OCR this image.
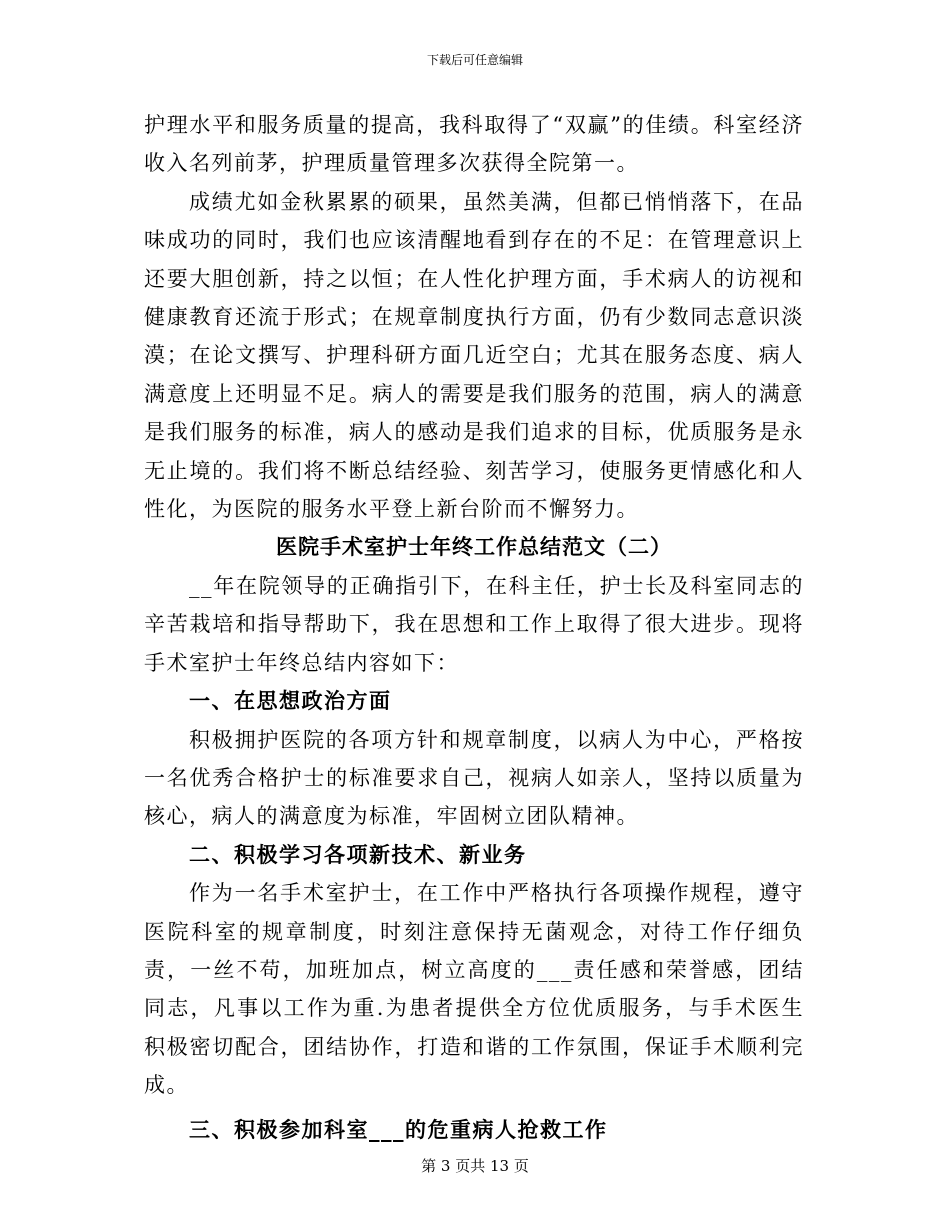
下载后可任意编辑

护理水平和服务质量的提高，我科取得了“双赢”的佳绩。科室经济收入名列前茅，护理质量管理多次获得全院第一。

成绩尤如金秋累累的硕果，虽然美满，但都已悄悄落下，在品味成功的同时，我们也应该清醒地看到存在的不足：在管理意识上还要大胆创新，持之以恒；在人性化护理方面，手术病人的访视和健康教育还流于形式；在规章制度执行方面，仍有少数同志意识淡漠；在论文撰写、护理科研方面几近空白；尤其在服务态度、病人满意度上还明显不足。病人的需要是我们服务的范围，病人的满意是我们服务的标准，病人的感动是我们追求的目标，优质服务是永无止境的。我们将不断总结经验、刻苦学习，使服务更情感化和人性化，为医院的服务水平登上新台阶而不懈努力。

医院手术室护士年终工作总结范文（二）

__年在院领导的正确指引下，在科主任，护士长及科室同志的辛苦栽培和指导帮助下，我在思想和工作上取得了很大进步。现将手术室护士年终总结内容如下：

一、在思想政治方面

积极拥护医院的各项方针和规章制度，以病人为中心，严格按一名优秀合格护士的标准要求自己，视病人如亲人，坚持以质量为核心，病人的满意度为标准，牢固树立团队精神。

二、积极学习各项新技术、新业务

作为一名手术室护士，在工作中严格执行各项操作规程，遵守医院科室的规章制度，时刻注意保持无菌观念，对待工作仔细负责，一丝不苟，加班加点，树立高度的___责任感和荣誉感，团结同志，凡事以工作为重.为患者提供全方位优质服务，与手术医生积极密切配合，团结协作，打造和谐的工作氛围，保证手术顺利完成。

三、积极参加科室___的危重病人抢救工作

第 3 页共 13 页
